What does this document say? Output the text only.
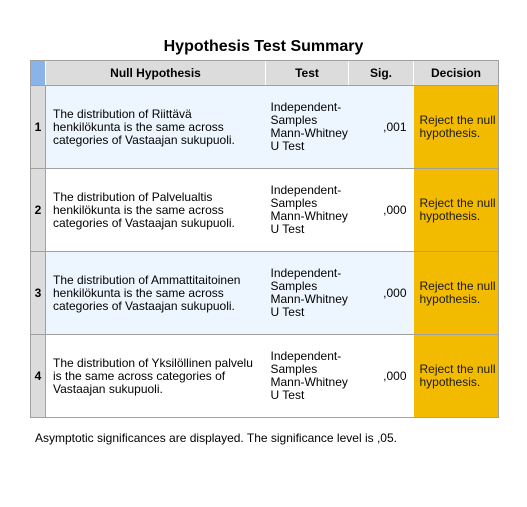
Hypothesis Test Summary
	Null Hypothesis	Test	Sig.	Decision
1	The distribution of Riittävä henkilökunta is the same across categories of Vastaajan sukupuoli.	Independent-Samples Mann-Whitney U Test	,001	Reject the null hypothesis.
2	The distribution of Palvelualtis henkilökunta is the same across categories of Vastaajan sukupuoli.	Independent-Samples Mann-Whitney U Test	,000	Reject the null hypothesis.
3	The distribution of Ammattitaitoinen henkilökunta is the same across categories of Vastaajan sukupuoli.	Independent-Samples Mann-Whitney U Test	,000	Reject the null hypothesis.
4	The distribution of Yksilöllinen palvelu is the same across categories of Vastaajan sukupuoli.	Independent-Samples Mann-Whitney U Test	,000	Reject the null hypothesis.
Asymptotic significances are displayed. The significance level is ,05.
